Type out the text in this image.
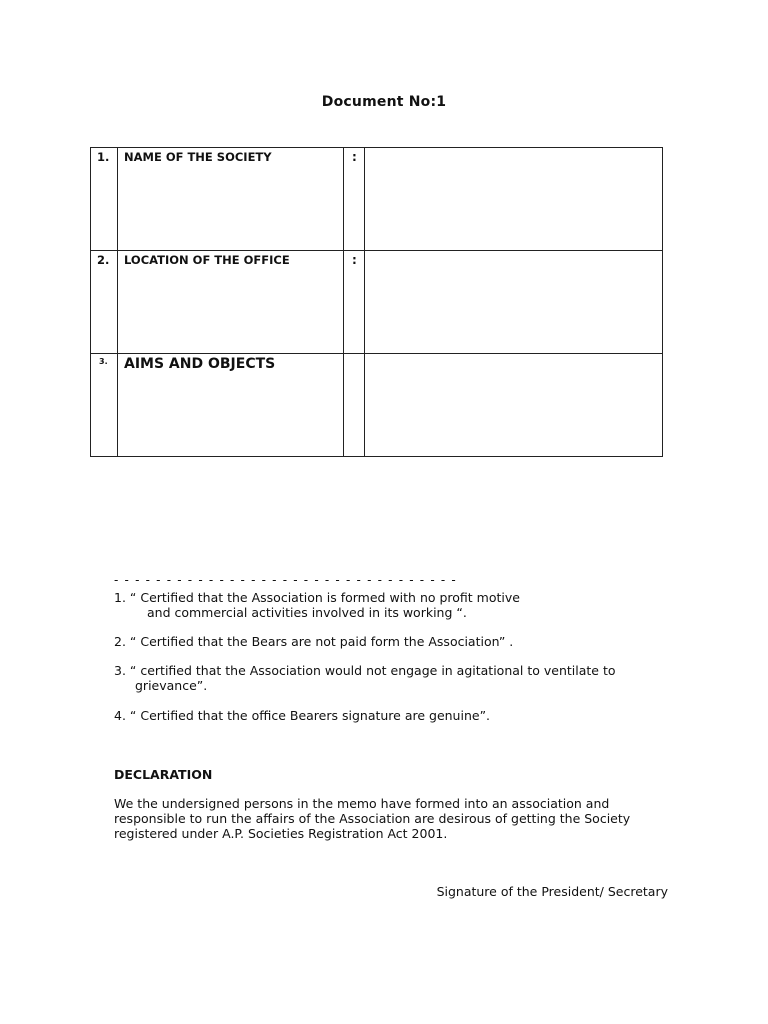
Document No:1
1.	NAME OF THE SOCIETY	:	

2.	LOCATION OF THE OFFICE	:	

3.	AIMS AND OBJECTS		

- - - - - - - - - - - - - - - - - - - - - - - - - - - - - - - - -
1. “ Certified that the Association is formed with no profit motive
and commercial activities involved in its working “.
2. “ Certified that the Bears are not paid form the Association” .
3. “ certified that the Association would not engage in agitational to ventilate to
grievance”.
4. “ Certified that the office Bearers signature are genuine”.
DECLARATION
We the undersigned persons in the memo have formed into an association and
responsible to run the affairs of the Association are desirous of getting the Society
registered under A.P. Societies Registration Act 2001.
Signature of the President/ Secretary
